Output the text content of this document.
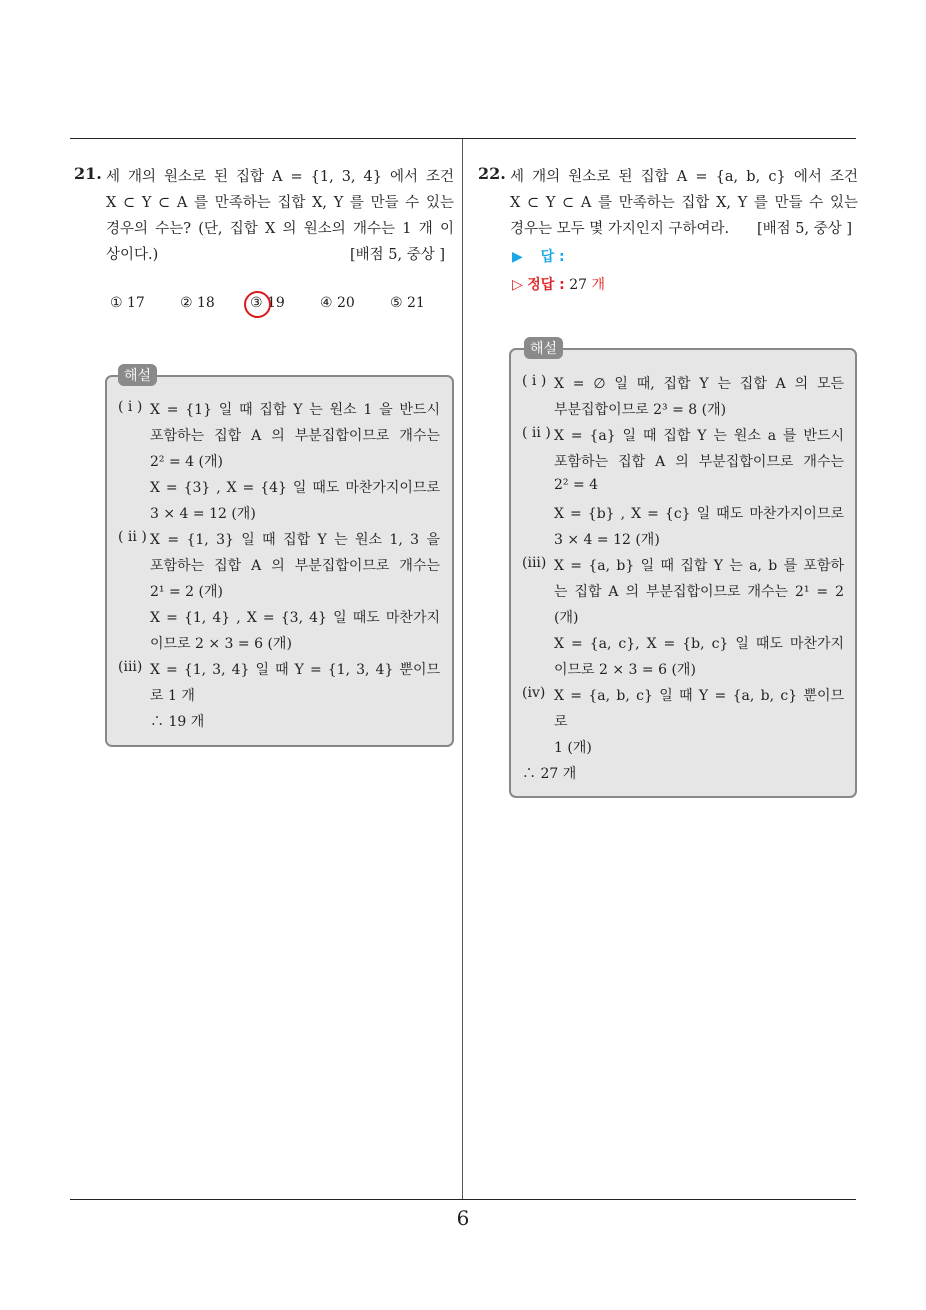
6
21. 세 개의 원소로 된 집합 A = {1, 3, 4} 에서 조건
X ⊂ Y ⊂ A 를 만족하는 집합 X, Y 를 만들 수 있는
경우의 수는? (단, 집합 X 의 원소의 개수는 1 개 이
상이다.)	[배점 5, 중상 ]
① 17	② 18	③ 19	④ 20	⑤ 21
해설
( i ) X = {1} 일 때 집합 Y 는 원소 1 을 반드시
포함하는 집합 A 의 부분집합이므로 개수는
2² = 4 (개)
X = {3} , X = {4} 일 때도 마찬가지이므로
3 × 4 = 12 (개)
( ii ) X = {1, 3} 일 때 집합 Y 는 원소 1, 3 을
포함하는 집합 A 의 부분집합이므로 개수는
2¹ = 2 (개)
X = {1, 4} , X = {3, 4} 일 때도 마찬가지
이므로 2 × 3 = 6 (개)
(iii) X = {1, 3, 4} 일 때 Y = {1, 3, 4} 뿐이므
로 1 개
∴ 19 개
22. 세 개의 원소로 된 집합 A = {a, b, c} 에서 조건
X ⊂ Y ⊂ A 를 만족하는 집합 X, Y 를 만들 수 있는
경우는 모두 몇 가지인지 구하여라. [배점 5, 중상 ]
▶ 답 :
▷ 정답 : 27 개
해설
( i ) X = ∅ 일 때, 집합 Y 는 집합 A 의 모든
부분집합이므로 2³ = 8 (개)
( ii ) X = {a} 일 때 집합 Y 는 원소 a 를 반드시
포함하는 집합 A 의 부분집합이므로 개수는
2² = 4
X = {b} , X = {c} 일 때도 마찬가지이므로
3 × 4 = 12 (개)
(iii) X = {a, b} 일 때 집합 Y 는 a, b 를 포함하
는 집합 A 의 부분집합이므로 개수는 2¹ = 2
(개)
X = {a, c}, X = {b, c} 일 때도 마찬가지
이므로 2 × 3 = 6 (개)
(iv) X = {a, b, c} 일 때 Y = {a, b, c} 뿐이므
로
1 (개)
∴ 27 개
